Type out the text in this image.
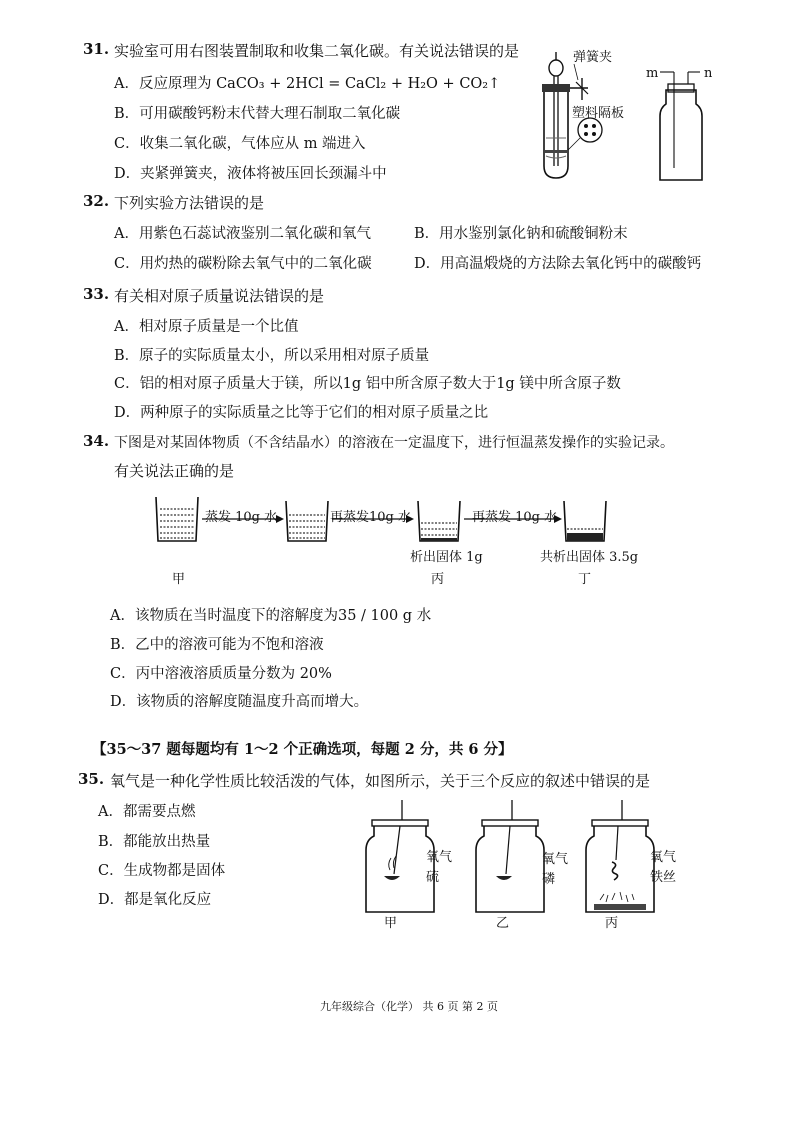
31. 实验室可用右图装置制取和收集二氧化碳。有关说法错误的是
A．反应原理为 CaCO₃ + 2HCl = CaCl₂ + H₂O + CO₂↑
B．可用碳酸钙粉末代替大理石制取二氧化碳
C．收集二氧化碳，气体应从 m 端进入
D．夹紧弹簧夹，液体将被压回长颈漏斗中
弹簧夹
塑料隔板
m	n
32. 下列实验方法错误的是
A．用紫色石蕊试液鉴别二氧化碳和氧气	B．用水鉴别氯化钠和硫酸铜粉末
C．用灼热的碳粉除去氧气中的二氧化碳	D．用高温煅烧的方法除去氧化钙中的碳酸钙
33. 有关相对原子质量说法错误的是
A．相对原子质量是一个比值
B．原子的实际质量太小，所以采用相对原子质量
C．铝的相对原子质量大于镁，所以1g 铝中所含原子数大于1g 镁中所含原子数
D．两种原子的实际质量之比等于它们的相对原子质量之比
34. 下图是对某固体物质（不含结晶水）的溶液在一定温度下，进行恒温蒸发操作的实验记录。
有关说法正确的是
蒸发 10g 水	再蒸发10g 水	再蒸发 10g 水
析出固体 1g	共析出固体 3.5g
甲	丙	丁
A．该物质在当时温度下的溶解度为35 / 100 g 水
B．乙中的溶液可能为不饱和溶液
C．丙中溶液溶质质量分数为 20%
D．该物质的溶解度随温度升高而增大。
【35～37 题每题均有 1～2 个正确选项，每题 2 分，共 6 分】
35. 氧气是一种化学性质比较活泼的气体，如图所示，关于三个反应的叙述中错误的是
A．都需要点燃
B．都能放出热量
C．生成物都是固体
D．都是氧化反应
氧气
硫
氧气
磷
氧气
铁丝
甲	乙	丙
九年级综合（化学） 共 6 页 第 2 页
